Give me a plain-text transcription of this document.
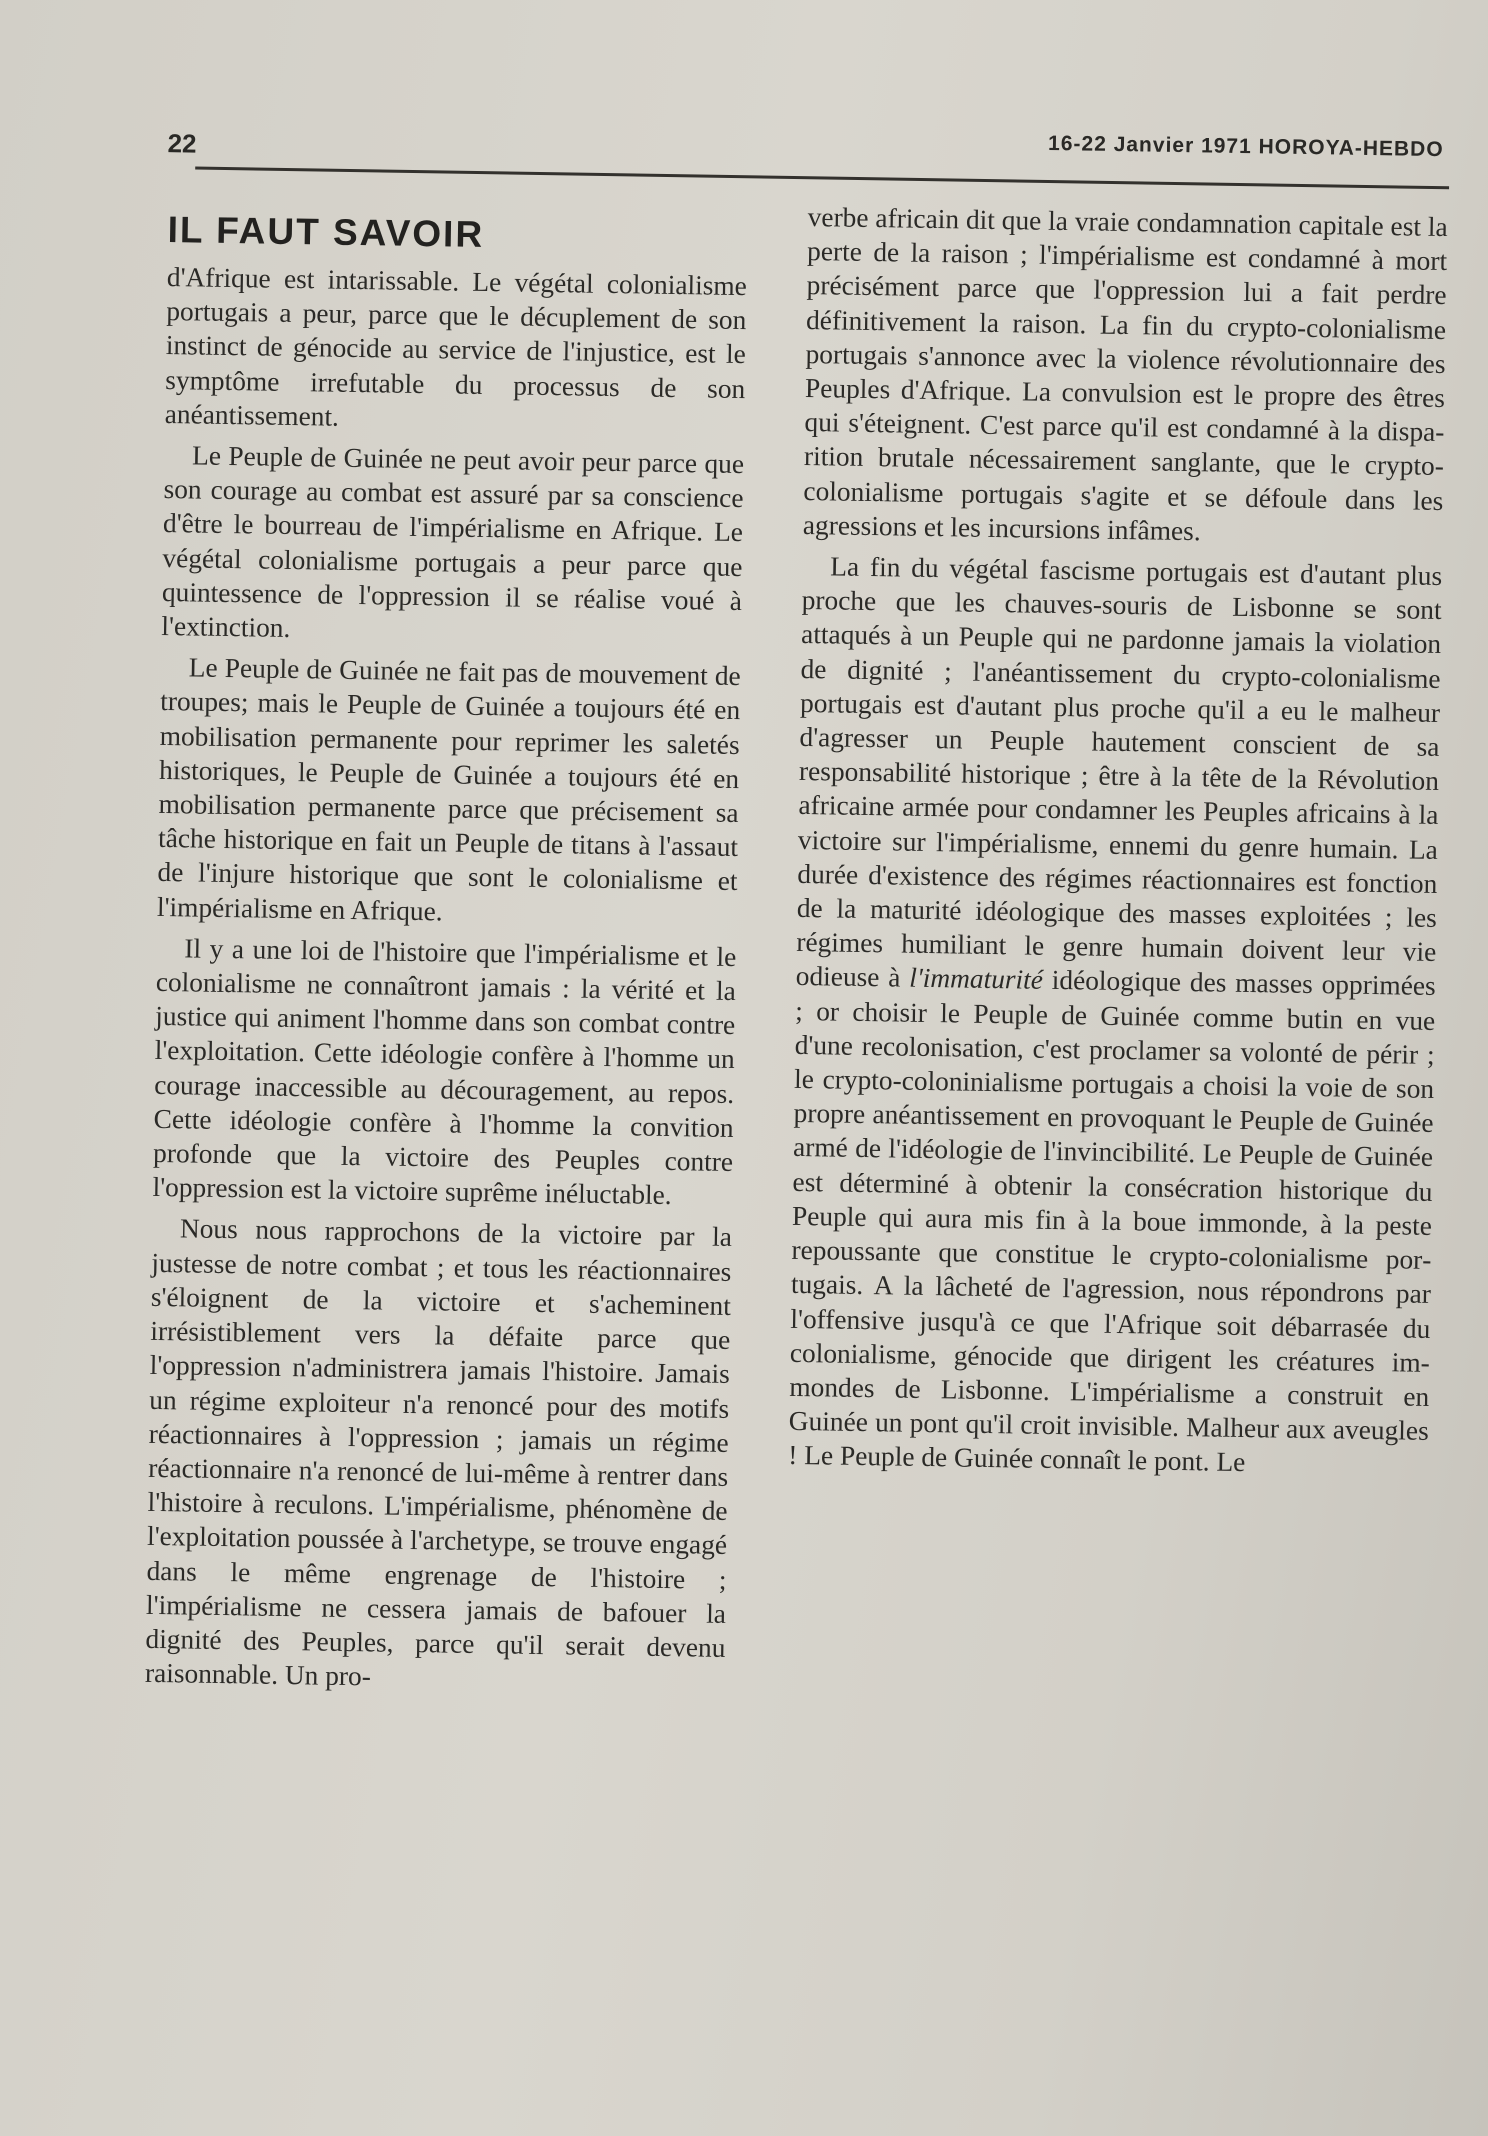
22	16-22 Janvier 1971 HOROYA-HEBDO
IL FAUT SAVOIR

d'Afrique est intarissable. Le végétal colonialisme portugais a peur, parce que le décuplement de son instinct de génocide au service de l'injustice, est le symptôme irrefutable du processus de son anéantissement.

Le Peuple de Guinée ne peut avoir peur parce que son courage au combat est assuré par sa conscience d'être le bourreau de l'impérialisme en Afrique. Le végétal colonialisme portugais a peur parce que quintessence de l'oppression il se réalise voué à l'extinction.

Le Peuple de Guinée ne fait pas de mouvement de troupes; mais le Peuple de Guinée a toujours été en mobilisation permanente pour reprimer les saletés historiques, le Peuple de Guinée a toujours été en mobilisation permanente parce que précisement sa tâche historique en fait un Peuple de titans à l'assaut de l'injure historique que sont le colonialisme et l'impérialisme en Afrique.

Il y a une loi de l'histoire que l'impérialisme et le colonialisme ne connaîtront jamais : la vérité et la justice qui animent l'homme dans son combat contre l'exploitation. Cette idéologie confère à l'homme un courage inaccessible au découragement, au repos. Cette idéologie confère à l'homme la convition profonde que la victoire des Peuples contre l'oppression est la victoire suprême inéluctable.

Nous nous rapprochons de la victoire par la justesse de notre combat ; et tous les réactionnaires s'éloignent de la victoire et s'acheminent irrésistiblement vers la défaite parce que l'oppression n'administrera jamais l'histoire. Jamais un régime exploiteur n'a renoncé pour des motifs réactionnaires à l'oppression ; jamais un régime réactionnaire n'a renoncé de lui-même à rentrer dans l'histoire à reculons. L'impérialisme, phénomène de l'exploitation poussée à l'archetype, se trouve engagé dans le même engrenage de l'histoire ; l'impérialisme ne cessera jamais de bafouer la dignité des Peuples, parce qu'il serait devenu raisonnable. Un pro-

verbe africain dit que la vraie condamnation capitale est la perte de la raison ; l'impérialisme est condamné à mort précisément parce que l'oppression lui a fait perdre définitivement la raison. La fin du crypto-colonialisme portugais s'annonce avec la violence révolutionnaire des Peuples d'Afrique. La convulsion est le propre des êtres qui s'éteignent. C'est parce qu'il est condamné à la disparition brutale nécessairement sanglante, que le crypto-colonialisme portugais s'agite et se défoule dans les agressions et les incursions infâmes.

La fin du végétal fascisme portugais est d'autant plus proche que les chauves-souris de Lisbonne se sont attaqués à un Peuple qui ne pardonne jamais la violation de dignité ; l'anéantissement du crypto-colonialisme portugais est d'autant plus proche qu'il a eu le malheur d'agresser un Peuple hautement conscient de sa responsabilité historique ; être à la tête de la Révolution africaine armée pour condamner les Peuples africains à la victoire sur l'impérialisme, ennemi du genre humain. La durée d'existence des régimes réactionnaires est fonction de la maturité idéologique des masses exploitées ; les régimes humiliant le genre humain doivent leur vie odieuse à l'immaturité idéologique des masses opprimées ; or choisir le Peuple de Guinée comme butin en vue d'une recolonisation, c'est proclamer sa volonté de périr ; le crypto-coloninialisme portugais a choisi la voie de son propre anéantissement en provoquant le Peuple de Guinée armé de l'idéologie de l'invincibilité. Le Peuple de Guinée est déterminé à obtenir la consécration historique du Peuple qui aura mis fin à la boue immonde, à la peste repoussante que constitue le crypto-colonialisme portugais. A la lâcheté de l'agression, nous répondrons par l'offensive jusqu'à ce que l'Afrique soit débarrasée du colonialisme, génocide que dirigent les créatures immondes de Lisbonne. L'impérialisme a construit en Guinée un pont qu'il croit invisible. Malheur aux aveugles ! Le Peuple de Guinée connaît le pont. Le
